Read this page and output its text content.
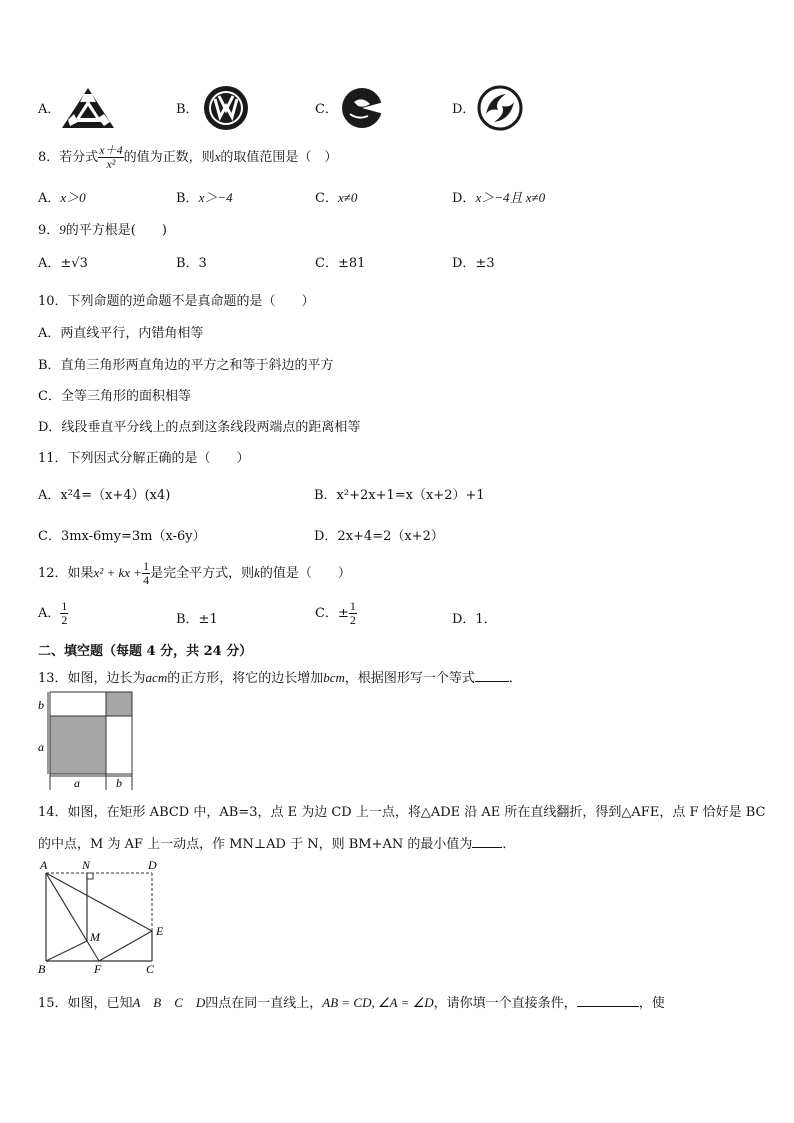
A．	B．	C．	D．
8．若分式 $\frac{x+4}{\text{x²}}$ 的值为正数，则x的取值范围是（　）
A．x＞0	B．x＞−4	C．x≠0	D．x＞−4且 x≠0
9．9的平方根是(　　)
A．±√3	B．3	C．±81	D．±3
10．下列命题的逆命题不是真命题的是（　　）
A．两直线平行，内错角相等
B．直角三角形两直角边的平方之和等于斜边的平方
C．全等三角形的面积相等
D．线段垂直平分线上的点到这条线段两端点的距离相等
11．下列因式分解正确的是（　　）
A．x²4=（x+4）(x4)	B．x²+2x+1=x（x+2）+1
C．3mx-6my=3m（x-6y）	D．2x+4=2（x+2）
12．如果x² + kx + $\frac{1}{4}$ 是完全平方式，则k的值是（　　）
A． $\frac{1}{2}$	B．±1	C．± $\frac{1}{2}$	D．1．
二、填空题（每题 4 分，共 24 分）
13．如图，边长为acm的正方形，将它的边长增加bcm，根据图形写一个等式	．
b
a
a	b
14．如图，在矩形 ABCD 中，AB=3，点 E 为边 CD 上一点，将△ADE 沿 AE 所在直线翻折，得到△AFE，点 F 恰好是 BC
的中点，M 为 AF 上一动点，作 MN⊥AD 于 N，则 BM+AN 的最小值为 ．
A	N	D
M	E
B	F	C
15．如图，已知A　B　C　D四点在同一直线上，AB = CD, ∠A = ∠D，请你填一个直接条件，	，使
